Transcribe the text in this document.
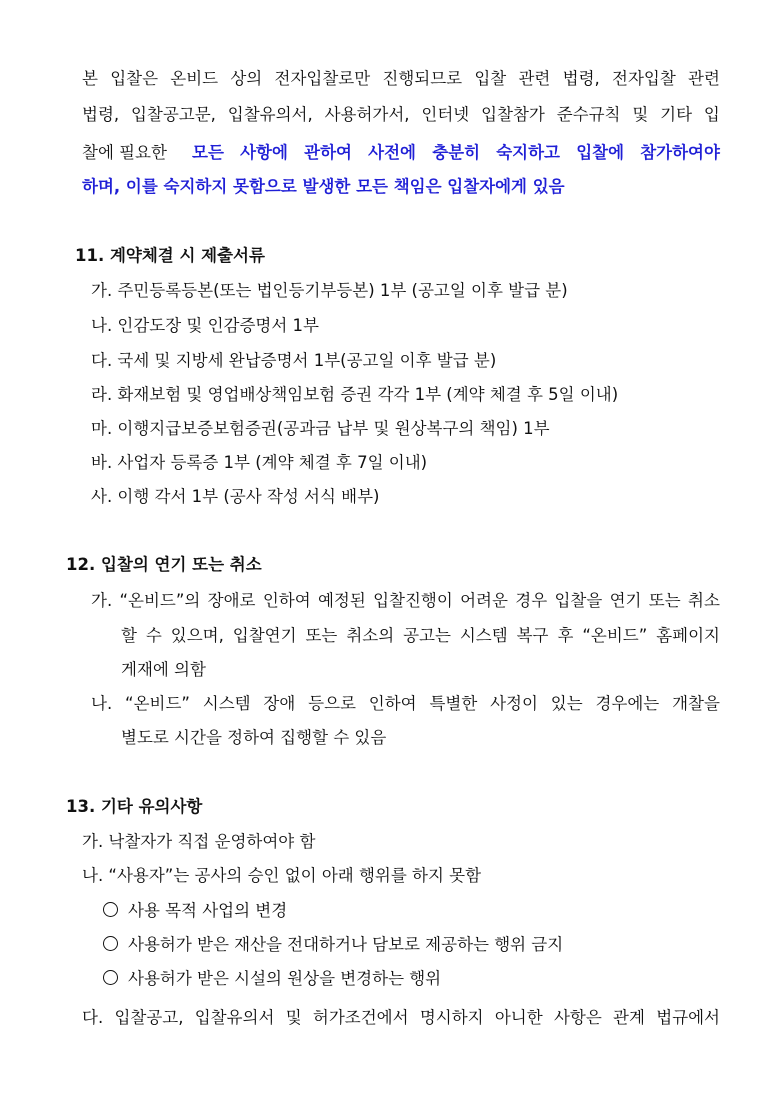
본 입찰은 온비드 상의 전자입찰로만 진행되므로 입찰 관련 법령, 전자입찰 관련
법령, 입찰공고문, 입찰유의서, 사용허가서, 인터넷 입찰참가 준수규칙 및 기타 입
찰에 필요한 모든 사항에 관하여 사전에 충분히 숙지하고 입찰에 참가하여야
하며, 이를 숙지하지 못함으로 발생한 모든 책임은 입찰자에게 있음
11. 계약체결 시 제출서류
가. 주민등록등본(또는 법인등기부등본) 1부 (공고일 이후 발급 분)
나. 인감도장 및 인감증명서 1부
다. 국세 및 지방세 완납증명서 1부(공고일 이후 발급 분)
라. 화재보험 및 영업배상책임보험 증권 각각 1부 (계약 체결 후 5일 이내)
마. 이행지급보증보험증권(공과금 납부 및 원상복구의 책임) 1부
바. 사업자 등록증 1부 (계약 체결 후 7일 이내)
사. 이행 각서 1부 (공사 작성 서식 배부)
12. 입찰의 연기 또는 취소
가. “온비드”의 장애로 인하여 예정된 입찰진행이 어려운 경우 입찰을 연기 또는 취소
할 수 있으며, 입찰연기 또는 취소의 공고는 시스템 복구 후 “온비드” 홈페이지
게재에 의함
나. “온비드” 시스템 장애 등으로 인하여 특별한 사정이 있는 경우에는 개찰을
별도로 시간을 정하여 집행할 수 있음
13. 기타 유의사항
가. 낙찰자가 직접 운영하여야 함
나. “사용자”는 공사의 승인 없이 아래 행위를 하지 못함
사용 목적 사업의 변경
사용허가 받은 재산을 전대하거나 담보로 제공하는 행위 금지
사용허가 받은 시설의 원상을 변경하는 행위
다. 입찰공고, 입찰유의서 및 허가조건에서 명시하지 아니한 사항은 관계 법규에서
